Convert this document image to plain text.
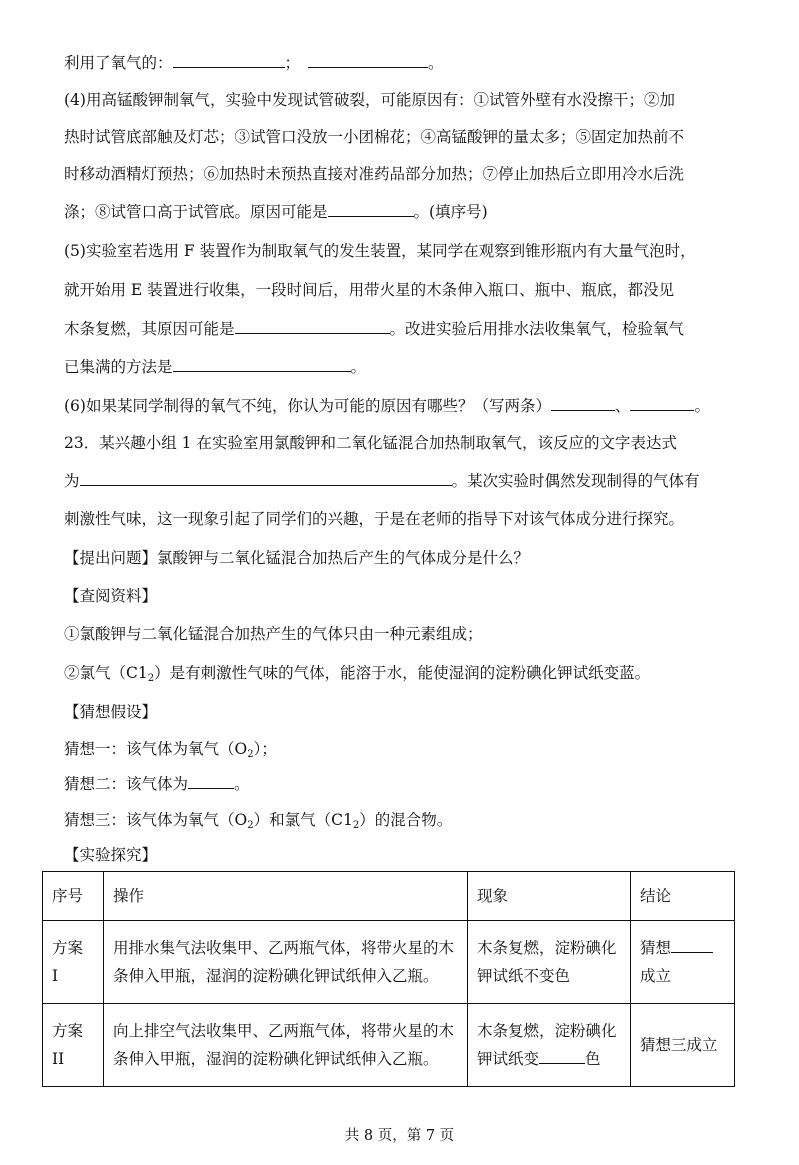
利用了氧气的：	；	。
(4)用高锰酸钾制氧气，实验中发现试管破裂，可能原因有：①试管外壁有水没擦干；②加
热时试管底部触及灯芯；③试管口没放一小团棉花；④高锰酸钾的量太多；⑤固定加热前不
时移动酒精灯预热；⑥加热时未预热直接对准药品部分加热；⑦停止加热后立即用冷水后洗
涤；⑧试管口高于试管底。原因可能是	。(填序号)
(5)实验室若选用 F 装置作为制取氧气的发生装置，某同学在观察到锥形瓶内有大量气泡时，
就开始用 E 装置进行收集，一段时间后，用带火星的木条伸入瓶口、瓶中、瓶底，都没见
木条复燃，其原因可能是	。改进实验后用排水法收集氧气，检验氧气
已集满的方法是	。
(6)如果某同学制得的氧气不纯，你认为可能的原因有哪些？（写两条）	、	。
23．某兴趣小组 1 在实验室用氯酸钾和二氧化锰混合加热制取氧气，该反应的文字表达式
为	。某次实验时偶然发现制得的气体有
刺激性气味，这一现象引起了同学们的兴趣，于是在老师的指导下对该气体成分进行探究。
【提出问题】氯酸钾与二氧化锰混合加热后产生的气体成分是什么？
【查阅资料】
①氯酸钾与二氧化锰混合加热产生的气体只由一种元素组成；
②氯气$(C1_2)$是有刺激性气味的气体，能溶于水，能使湿润的淀粉碘化钾试纸变蓝。
【猜想假设】
猜想一：该气体为氧气$(O_2)$；
猜想二：该气体为	。
猜想三：该气体为氧气$(O_2)$和氯气$(C1_2)$的混合物。
【实验探究】
序号	操作	现象	结论
方案 I	用排水集气法收集甲、乙两瓶气体，将带火星的木条伸入甲瓶，湿润的淀粉碘化钾试纸伸入乙瓶。	木条复燃，淀粉碘化钾试纸不变色	猜想
成立
方案 II	向上排空气法收集甲、乙两瓶气体，将带火星的木条伸入甲瓶，湿润的淀粉碘化钾试纸伸入乙瓶。	木条复燃，淀粉碘化钾试纸变 色	猜想三成立
共 8 页，第 7 页
